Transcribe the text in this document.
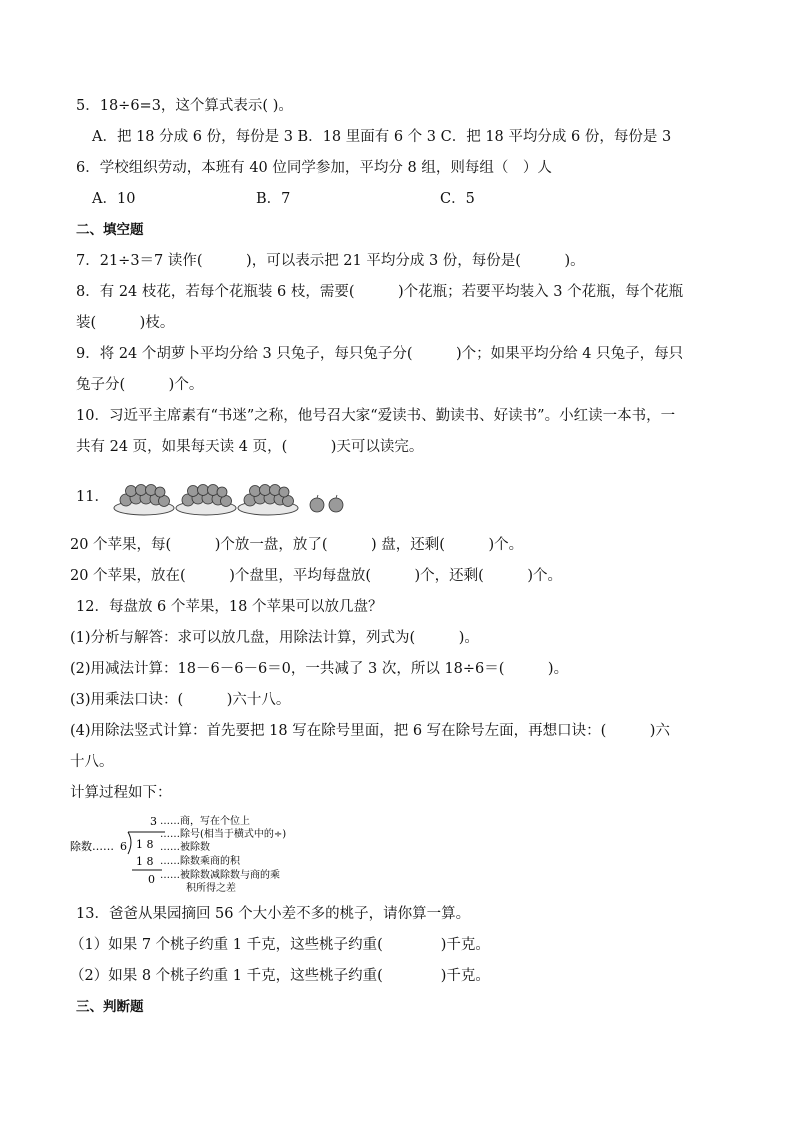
5．18÷6=3，这个算式表示( )。
A．把 18 分成 6 份，每份是 3 B．18 里面有 6 个 3 C．把 18 平均分成 6 份，每份是 3
6．学校组织劳动，本班有 40 位同学参加，平均分 8 组，则每组（　）人
A．10	B．7	C．5
二、填空题
7．21÷3＝7 读作(　　　)，可以表示把 21 平均分成 3 份，每份是(　　　)。
8．有 24 枝花，若每个花瓶装 6 枝，需要(　　　)个花瓶；若要平均装入 3 个花瓶，每个花瓶
装(　　　)枝。
9．将 24 个胡萝卜平均分给 3 只兔子，每只兔子分(　　　)个；如果平均分给 4 只兔子，每只
兔子分(　　　)个。
10．习近平主席素有“书迷”之称，他号召大家“爱读书、勤读书、好读书”。小红读一本书，一
共有 24 页，如果每天读 4 页，(　　　)天可以读完。
11．
20 个苹果，每(　　　)个放一盘，放了(　　　) 盘，还剩(　　　)个。
20 个苹果，放在(　　　)个盘里，平均每盘放(　　　)个，还剩(　　　)个。
12．每盘放 6 个苹果，18 个苹果可以放几盘？
(1)分析与解答：求可以放几盘，用除法计算，列式为(　　　)。
(2)用减法计算：18－6－6－6＝0，一共减了 3 次，所以 18÷6＝(　　　)。
(3)用乘法口诀：(　　　)六十八。
(4)用除法竖式计算：首先要把 18 写在除号里面，把 6 写在除号左面，再想口诀：(　　　)六
十八。
计算过程如下：
除数…… 6
3
1 8
1 8
0
……商，写在个位上
……除号(相当于横式中的÷)
……被除数
……除数乘商的积
……被除数减除数与商的乘
积所得之差
13．爸爸从果园摘回 56 个大小差不多的桃子，请你算一算。
（1）如果 7 个桃子约重 1 千克，这些桃子约重(　　　　)千克。
（2）如果 8 个桃子约重 1 千克，这些桃子约重(　　　　)千克。
三、判断题
